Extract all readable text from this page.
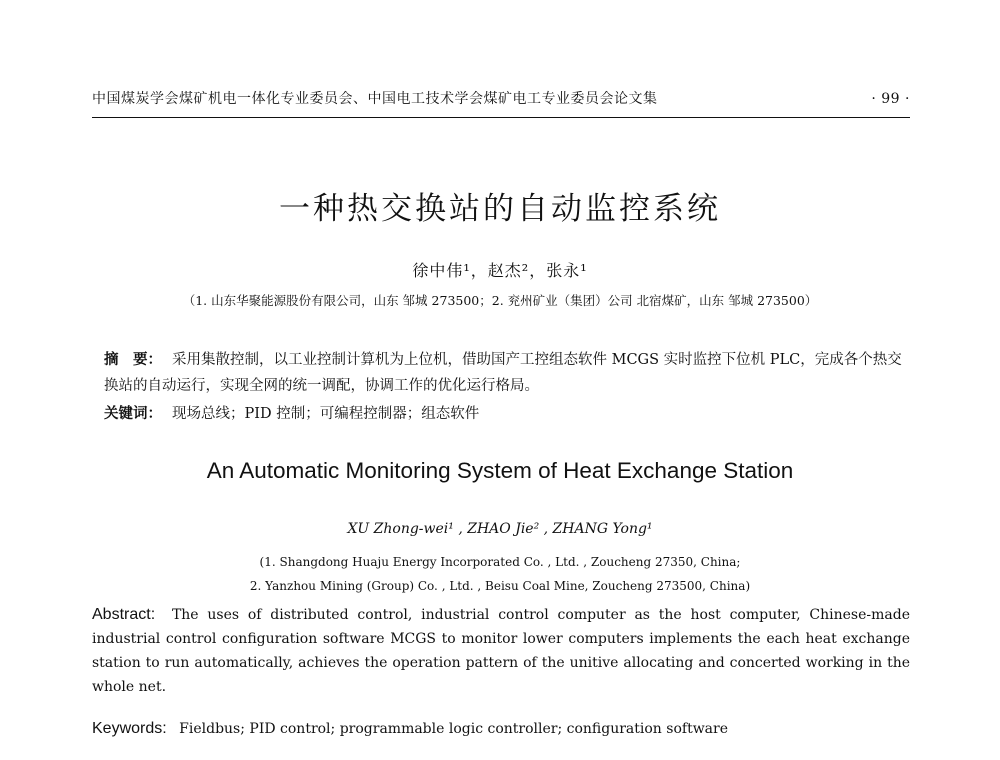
中国煤炭学会煤矿机电一体化专业委员会、中国电工技术学会煤矿电工专业委员会论文集	· 99 ·
一种热交换站的自动监控系统
徐中伟¹，赵杰²，张永¹
（1. 山东华聚能源股份有限公司，山东 邹城 273500；2. 兖州矿业（集团）公司 北宿煤矿，山东 邹城 273500）
摘　要： 采用集散控制，以工业控制计算机为上位机，借助国产工控组态软件 MCGS 实时监控下位机 PLC，完成各个热交换站的自动运行，实现全网的统一调配，协调工作的优化运行格局。
关键词： 现场总线；PID 控制；可编程控制器；组态软件
An Automatic Monitoring System of Heat Exchange Station
XU Zhong-wei¹ , ZHAO Jie² , ZHANG Yong¹
(1. Shangdong Huaju Energy Incorporated Co. , Ltd. , Zoucheng 27350, China;
2. Yanzhou Mining (Group) Co. , Ltd. , Beisu Coal Mine, Zoucheng 273500, China)
Abstract: The uses of distributed control, industrial control computer as the host computer, Chinese-made industrial control configuration software MCGS to monitor lower computers implements the each heat exchange station to run automatically, achieves the operation pattern of the unitive allocating and concerted working in the whole net.
Keywords: Fieldbus; PID control; programmable logic controller; configuration software
